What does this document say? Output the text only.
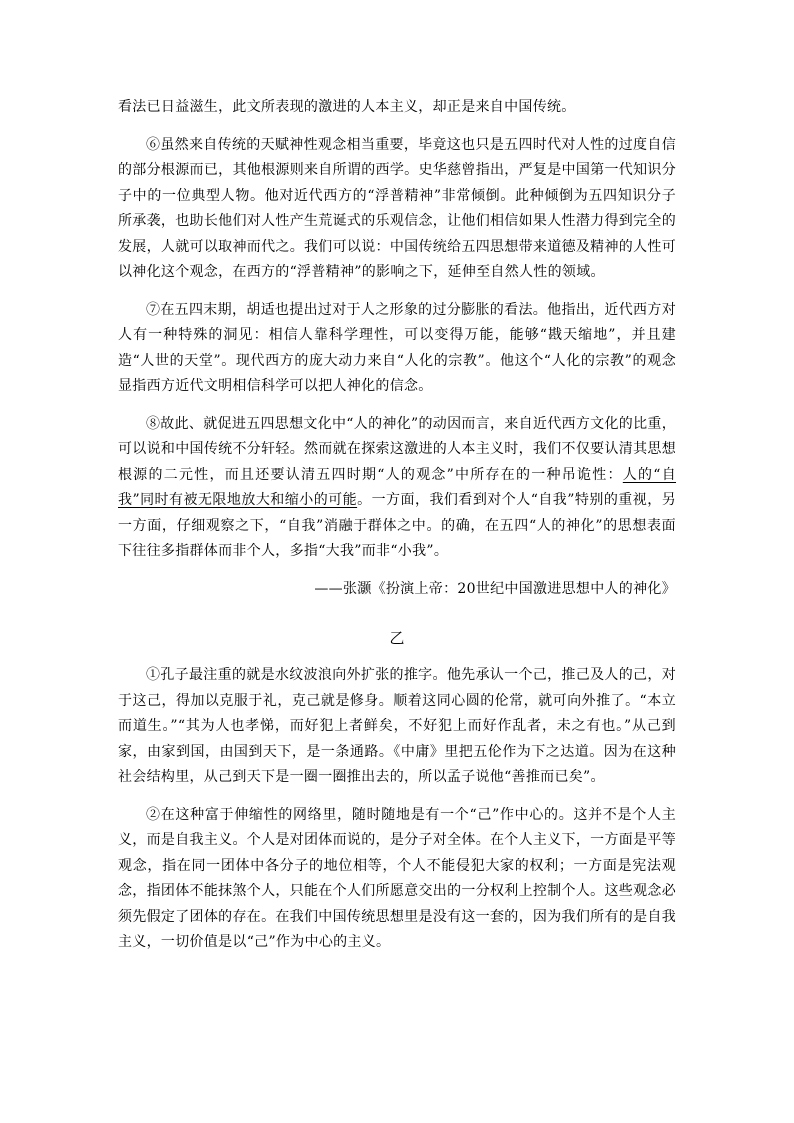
看法已日益滋生，此文所表现的激进的人本主义，却正是来自中国传统。

⑥虽然来自传统的天赋神性观念相当重要，毕竟这也只是五四时代对人性的过度自信的部分根源而已，其他根源则来自所谓的西学。史华慈曾指出，严复是中国第一代知识分子中的一位典型人物。他对近代西方的“浮普精神”非常倾倒。此种倾倒为五四知识分子所承袭，也助长他们对人性产生荒诞式的乐观信念，让他们相信如果人性潜力得到完全的发展，人就可以取神而代之。我们可以说：中国传统给五四思想带来道德及精神的人性可以神化这个观念，在西方的“浮普精神”的影响之下，延伸至自然人性的领域。

⑦在五四末期，胡适也提出过对于人之形象的过分膨胀的看法。他指出，近代西方对人有一种特殊的洞见：相信人靠科学理性，可以变得万能，能够“戡天缩地”，并且建造“人世的天堂”。现代西方的庞大动力来自“人化的宗教”。他这个“人化的宗教”的观念显指西方近代文明相信科学可以把人神化的信念。

⑧故此、就促进五四思想文化中“人的神化”的动因而言，来自近代西方文化的比重，可以说和中国传统不分轩轻。然而就在探索这激进的人本主义时，我们不仅要认清其思想根源的二元性，而且还要认清五四时期“人的观念”中所存在的一种吊诡性：人的“自我”同时有被无限地放大和缩小的可能。一方面，我们看到对个人“自我”特别的重视，另一方面，仔细观察之下，“自我”消融于群体之中。的确，在五四“人的神化”的思想表面下往往多指群体而非个人，多指“大我”而非“小我”。

——张灏《扮演上帝：20世纪中国激进思想中人的神化》

乙

①孔子最注重的就是水纹波浪向外扩张的推字。他先承认一个己，推己及人的己，对于这己，得加以克服于礼，克己就是修身。顺着这同心圆的伦常，就可向外推了。“本立而道生。”“其为人也孝悌，而好犯上者鲜矣，不好犯上而好作乱者，未之有也。”从己到家，由家到国，由国到天下，是一条通路。《中庸》里把五伦作为下之达道。因为在这种社会结构里，从己到天下是一圈一圈推出去的，所以孟子说他“善推而已矣”。

②在这种富于伸缩性的网络里，随时随地是有一个“己”作中心的。这并不是个人主义，而是自我主义。个人是对团体而说的，是分子对全体。在个人主义下，一方面是平等观念，指在同一团体中各分子的地位相等，个人不能侵犯大家的权利；一方面是宪法观念，指团体不能抹煞个人，只能在个人们所愿意交出的一分权利上控制个人。这些观念必须先假定了团体的存在。在我们中国传统思想里是没有这一套的，因为我们所有的是自我主义，一切价值是以“己”作为中心的主义。
